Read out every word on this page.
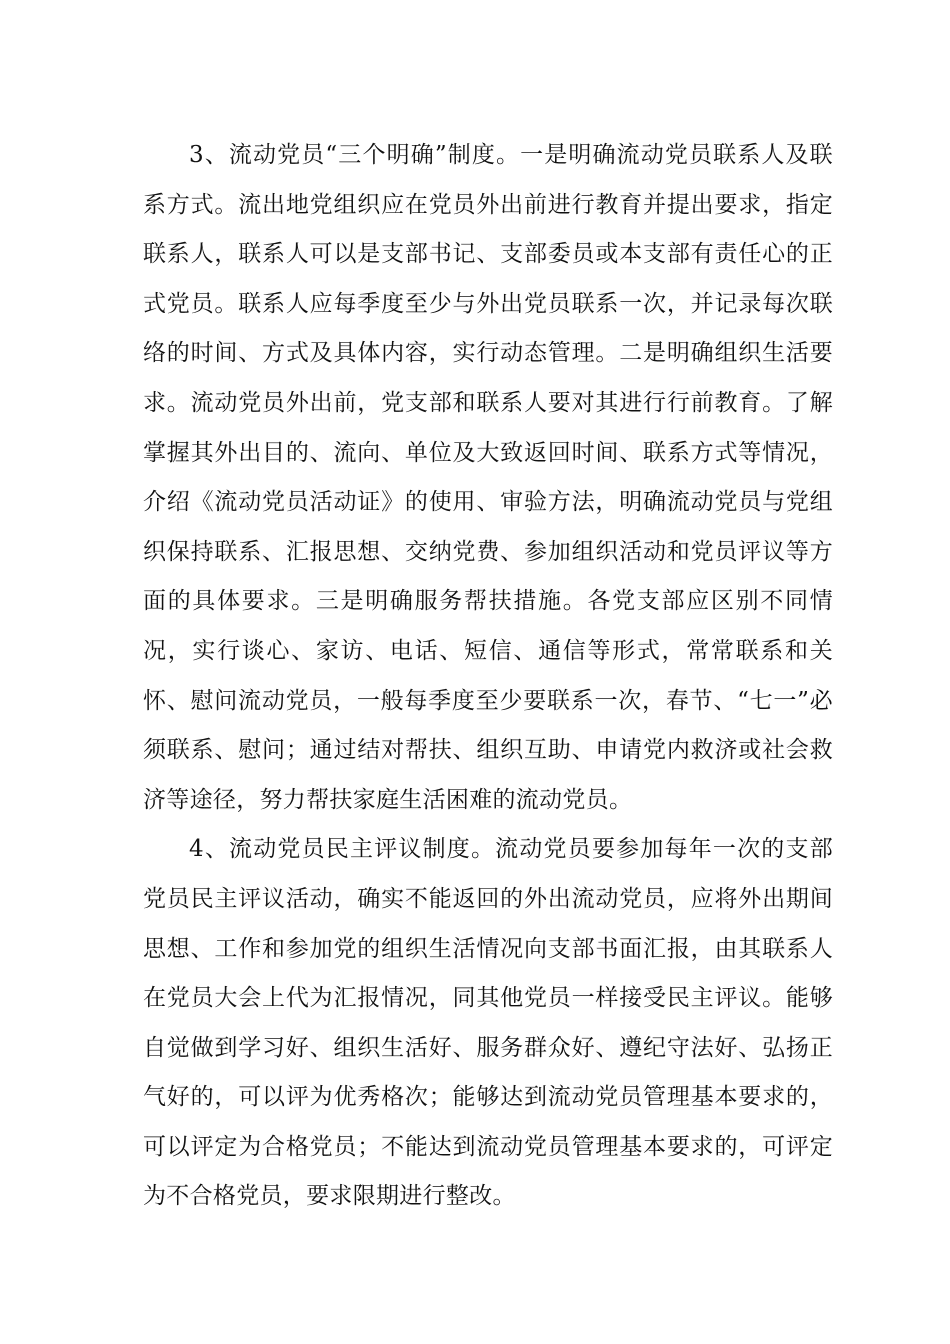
3、流动党员“三个明确”制度。一是明确流动党员联系人及联系方式。流出地党组织应在党员外出前进行教育并提出要求，指定联系人，联系人可以是支部书记、支部委员或本支部有责任心的正式党员。联系人应每季度至少与外出党员联系一次，并记录每次联络的时间、方式及具体内容，实行动态管理。二是明确组织生活要求。流动党员外出前，党支部和联系人要对其进行行前教育。了解掌握其外出目的、流向、单位及大致返回时间、联系方式等情况，介绍《流动党员活动证》的使用、审验方法，明确流动党员与党组织保持联系、汇报思想、交纳党费、参加组织活动和党员评议等方面的具体要求。三是明确服务帮扶措施。各党支部应区别不同情况，实行谈心、家访、电话、短信、通信等形式，常常联系和关怀、慰问流动党员，一般每季度至少要联系一次，春节、“七一”必须联系、慰问；通过结对帮扶、组织互助、申请党内救济或社会救济等途径，努力帮扶家庭生活困难的流动党员。

4、流动党员民主评议制度。流动党员要参加每年一次的支部党员民主评议活动，确实不能返回的外出流动党员，应将外出期间思想、工作和参加党的组织生活情况向支部书面汇报，由其联系人在党员大会上代为汇报情况，同其他党员一样接受民主评议。能够自觉做到学习好、组织生活好、服务群众好、遵纪守法好、弘扬正气好的，可以评为优秀格次；能够达到流动党员管理基本要求的，可以评定为合格党员；不能达到流动党员管理基本要求的，可评定为不合格党员，要求限期进行整改。
